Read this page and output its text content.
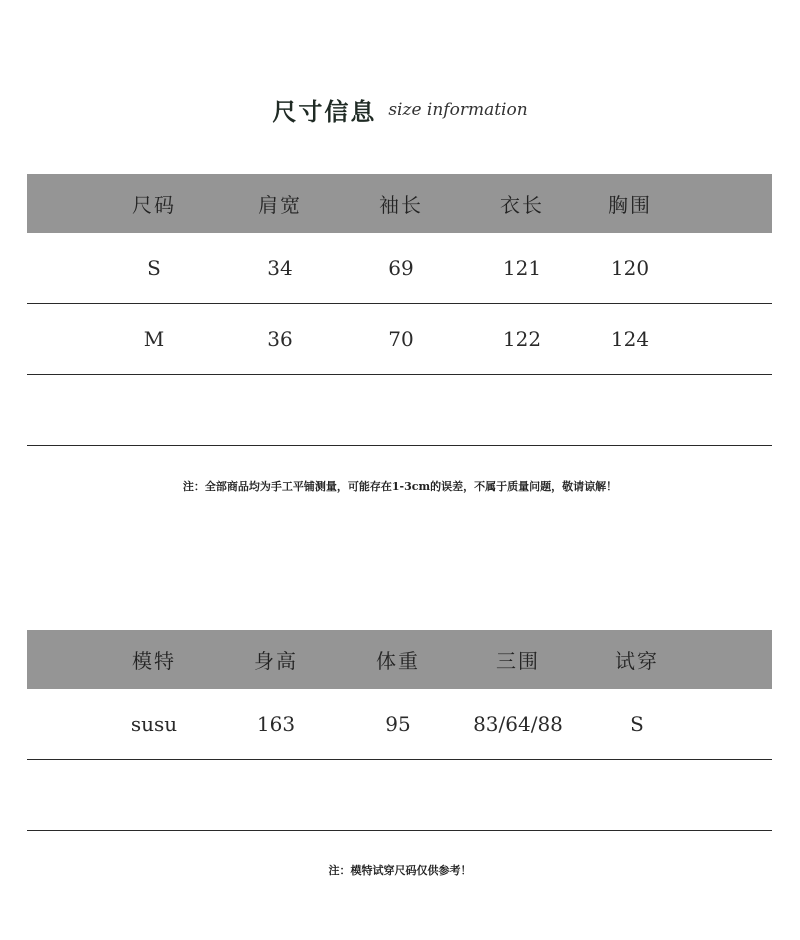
尺寸信息 size information
尺码	肩宽	袖长	衣长	胸围
S	34	69	121	120
M	36	70	122	124
注：全部商品均为手工平铺测量，可能存在1-3cm的误差，不属于质量问题，敬请谅解！
模特	身高	体重	三围	试穿
susu	163	95	83/64/88	S
注：模特试穿尺码仅供参考！
